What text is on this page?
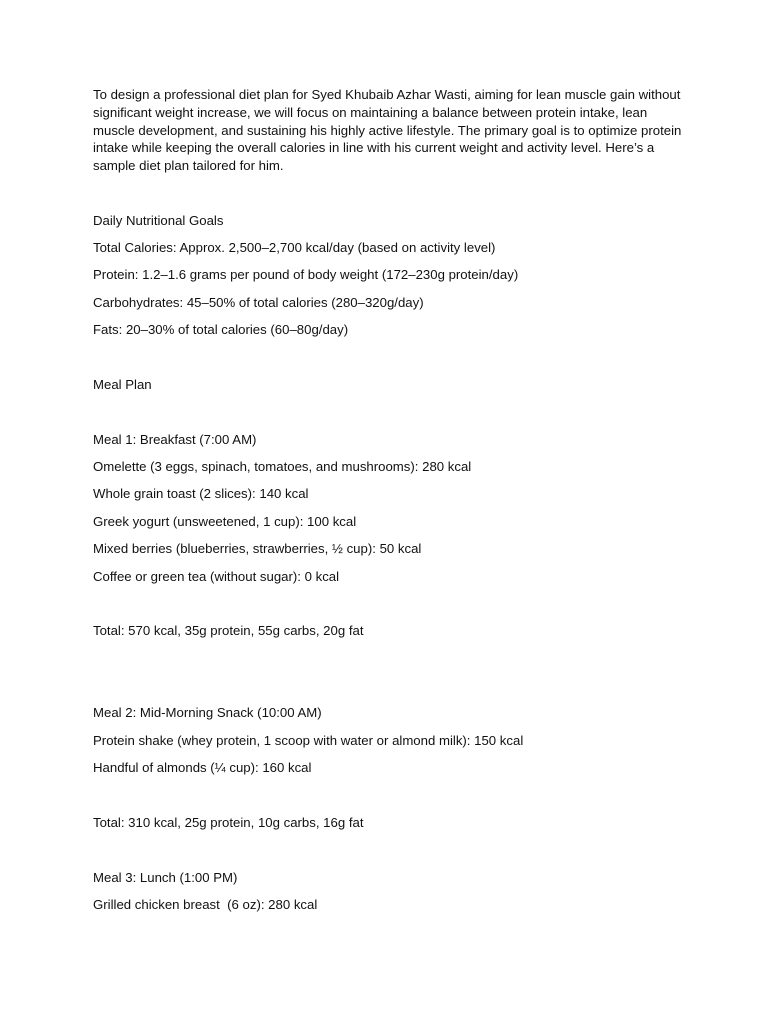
To design a professional diet plan for Syed Khubaib Azhar Wasti, aiming for lean muscle gain without significant weight increase, we will focus on maintaining a balance between protein intake, lean muscle development, and sustaining his highly active lifestyle. The primary goal is to optimize protein intake while keeping the overall calories in line with his current weight and activity level. Here’s a sample diet plan tailored for him.

Daily Nutritional Goals

Total Calories: Approx. 2,500–2,700 kcal/day (based on activity level)

Protein: 1.2–1.6 grams per pound of body weight (172–230g protein/day)

Carbohydrates: 45–50% of total calories (280–320g/day)

Fats: 20–30% of total calories (60–80g/day)

Meal Plan

Meal 1: Breakfast (7:00 AM)

Omelette (3 eggs, spinach, tomatoes, and mushrooms): 280 kcal

Whole grain toast (2 slices): 140 kcal

Greek yogurt (unsweetened, 1 cup): 100 kcal

Mixed berries (blueberries, strawberries, ½ cup): 50 kcal

Coffee or green tea (without sugar): 0 kcal

Total: 570 kcal, 35g protein, 55g carbs, 20g fat

Meal 2: Mid-Morning Snack (10:00 AM)

Protein shake (whey protein, 1 scoop with water or almond milk): 150 kcal

Handful of almonds (¼ cup): 160 kcal

Total: 310 kcal, 25g protein, 10g carbs, 16g fat

Meal 3: Lunch (1:00 PM)

Grilled chicken breast  (6 oz): 280 kcal
